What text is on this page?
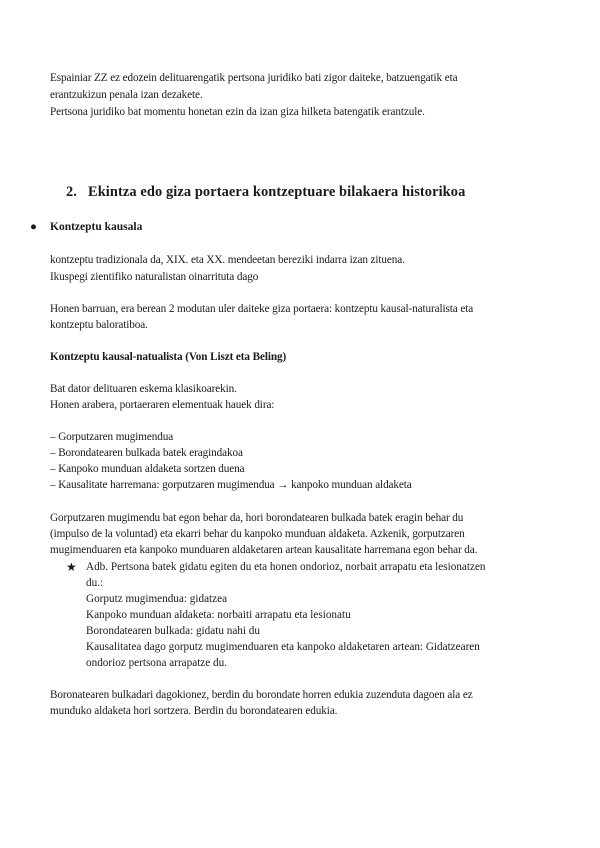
Espainiar ZZ ez edozein delituarengatik pertsona juridiko bati zigor daiteke, batzuengatik eta
erantzukizun penala izan dezakete.
Pertsona juridiko bat momentu honetan ezin da izan giza hilketa batengatik erantzule.
2. Ekintza edo giza portaera kontzeptuare bilakaera historikoa
● Kontzeptu kausala
kontzeptu tradizionala da, XIX. eta XX. mendeetan bereziki indarra izan zituena.
Ikuspegi zientifiko naturalistan oinarrituta dago
Honen barruan, era berean 2 modutan uler daiteke giza portaera: kontzeptu kausal-naturalista eta
kontzeptu baloratiboa.
Kontzeptu kausal-natualista (Von Liszt eta Beling)
Bat dator delituaren eskema klasikoarekin.
Honen arabera, portaeraren elementuak hauek dira:
– Gorputzaren mugimendua
– Borondatearen bulkada batek eragindakoa
– Kanpoko munduan aldaketa sortzen duena
– Kausalitate harremana: gorputzaren mugimendua → kanpoko munduan aldaketa
Gorputzaren mugimendu bat egon behar da, hori borondatearen bulkada batek eragin behar du
(impulso de la voluntad) eta ekarri behar du kanpoko munduan aldaketa. Azkenik, gorputzaren
mugimenduaren eta kanpoko munduaren aldaketaren artean kausalitate harremana egon behar da.
★ Adb. Pertsona batek gidatu egiten du eta honen ondorioz, norbait arrapatu eta lesionatzen
du.:
Gorputz mugimendua: gidatzea
Kanpoko munduan aldaketa: norbaiti arrapatu eta lesionatu
Borondatearen bulkada: gidatu nahi du
Kausalitatea dago gorputz mugimenduaren eta kanpoko aldaketaren artean: Gidatzearen
ondorioz pertsona arrapatze du.
Boronatearen bulkadari dagokionez, berdin du borondate horren edukia zuzenduta dagoen ala ez
munduko aldaketa hori sortzera. Berdin du borondatearen edukia.
